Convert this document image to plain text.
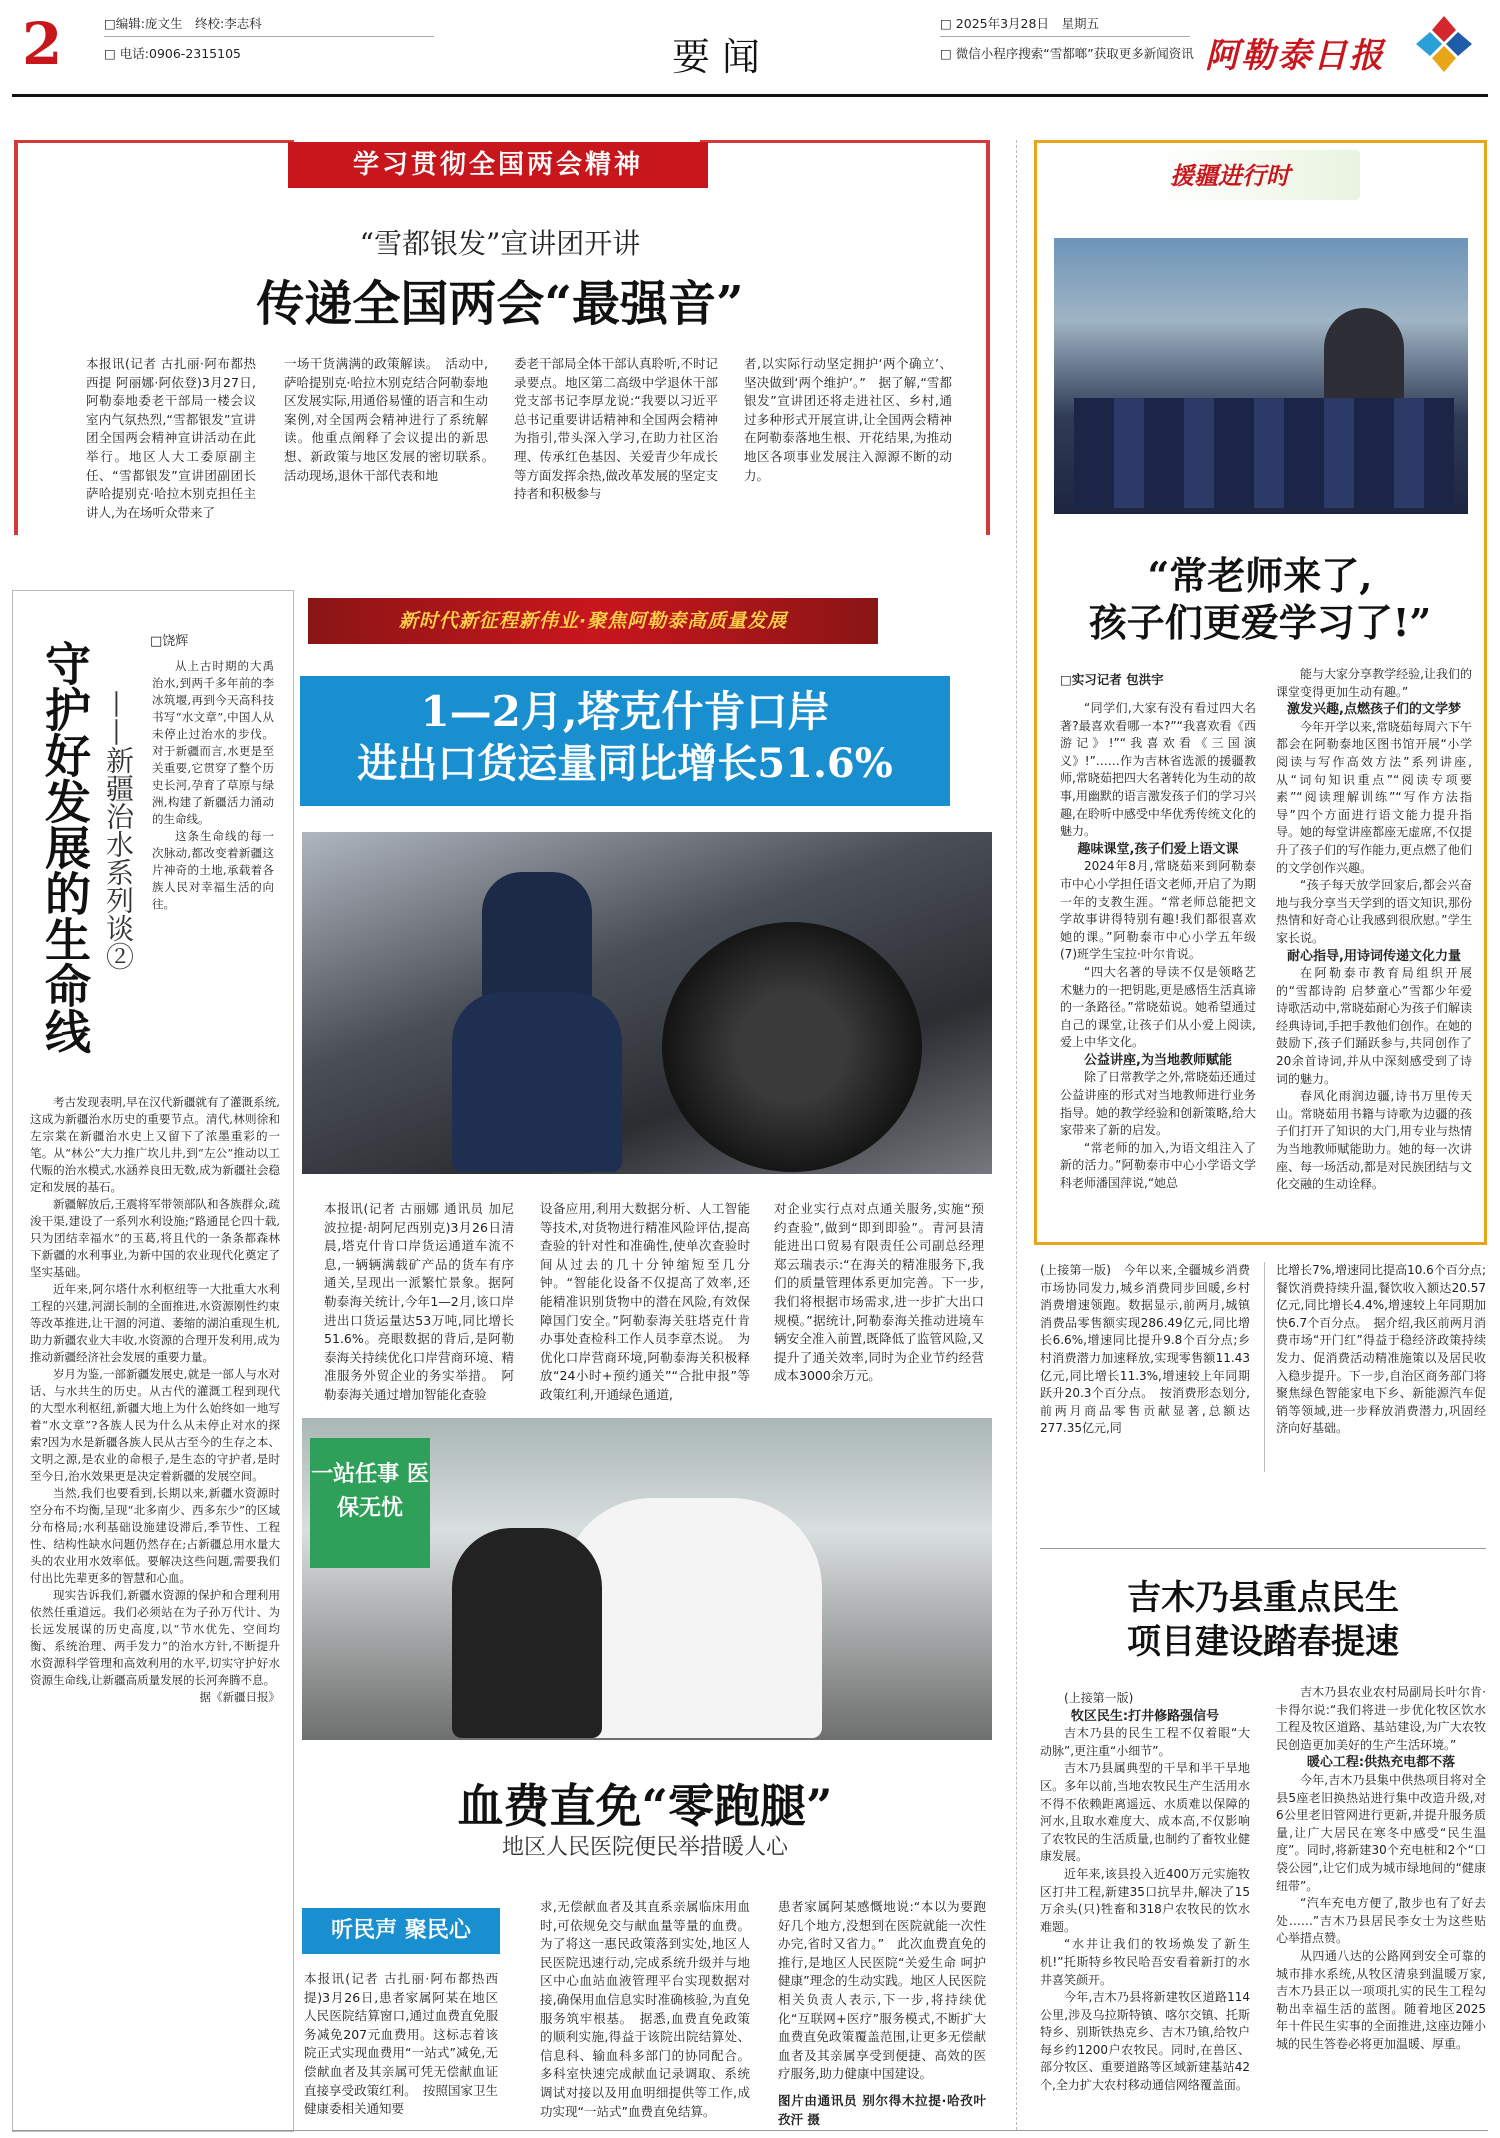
2	□编辑:庞文生　终校:李志科
□ 电话:0906-2315105	要闻
□ 2025年3月28日　星期五
□ 微信小程序搜索“雪都啷”获取更多新闻资讯 阿勒泰日报
学习贯彻全国两会精神
“雪都银发”宣讲团开讲
传递全国两会“最强音”
本报讯(记者 古扎丽·阿布都热西提 阿丽娜·阿依登)3月27日,阿勒泰地委老干部局一楼会议室内气氛热烈,“雪都银发”宣讲团全国两会精神宣讲活动在此举行。地区人大工委原副主任、“雪都银发”宣讲团副团长萨哈提别克·哈拉木别克担任主讲人,为在场听众带来了
一场干货满满的政策解读。　活动中,萨哈提别克·哈拉木别克结合阿勒泰地区发展实际,用通俗易懂的语言和生动案例,对全国两会精神进行了系统解读。他重点阐释了会议提出的新思想、新政策与地区发展的密切联系。　活动现场,退休干部代表和地
委老干部局全体干部认真聆听,不时记录要点。地区第二高级中学退休干部党支部书记李厚龙说:“我要以习近平总书记重要讲话精神和全国两会精神为指引,带头深入学习,在助力社区治理、传承红色基因、关爱青少年成长等方面发挥余热,做改革发展的坚定支持者和积极参与
者,以实际行动坚定拥护‘两个确立’、坚决做到‘两个维护’。”　据了解,“雪都银发”宣讲团还将走进社区、乡村,通过多种形式开展宣讲,让全国两会精神在阿勒泰落地生根、开花结果,为推动地区各项事业发展注入源源不断的动力。
□饶辉
守护好发展的生命线 ——新疆治水系列谈②

从上古时期的大禹治水,到两千多年前的李冰筑堰,再到今天高科技书写“水文章”,中国人从未停止过治水的步伐。对于新疆而言,水更是至关重要,它贯穿了整个历史长河,孕育了草原与绿洲,构建了新疆活力涌动的生命线。

这条生命线的每一次脉动,都改变着新疆这片神奇的土地,承载着各族人民对幸福生活的向往。

考古发现表明,早在汉代新疆就有了灌溉系统,这成为新疆治水历史的重要节点。清代,林则徐和左宗棠在新疆治水史上又留下了浓墨重彩的一笔。从“林公”大力推广坎儿井,到“左公”推动以工代赈的治水模式,水涵养良田无数,成为新疆社会稳定和发展的基石。

新疆解放后,王震将军带领部队和各族群众,疏浚干渠,建设了一系列水利设施;“路通昆仑四十载,只为团结幸福水”的玉葛,将且代的一条条都森林下新疆的水利事业,为新中国的农业现代化奠定了坚实基础。

近年来,阿尔塔什水利枢纽等一大批重大水利工程的兴建,河湖长制的全面推进,水资源刚性约束等改革推进,让干涸的河道、萎缩的湖泊重现生机,助力新疆农业大丰收,水资源的合理开发利用,成为推动新疆经济社会发展的重要力量。

岁月为鉴,一部新疆发展史,就是一部人与水对话、与水共生的历史。从古代的灌溉工程到现代的大型水利枢纽,新疆大地上为什么始终如一地写着“水文章”?各族人民为什么从未停止对水的探索?因为水是新疆各族人民从古至今的生存之本、文明之源,是农业的命根子,是生态的守护者,是时至今日,治水效果更是决定着新疆的发展空间。

当然,我们也要看到,长期以来,新疆水资源时空分布不均衡,呈现“北多南少、西多东少”的区域分布格局;水利基础设施建设滞后,季节性、工程性、结构性缺水问题仍然存在;占新疆总用水量大头的农业用水效率低。要解决这些问题,需要我们付出比先辈更多的智慧和心血。

现实告诉我们,新疆水资源的保护和合理利用依然任重道远。我们必须站在为子孙万代计、为长远发展谋的历史高度,以“节水优先、空间均衡、系统治理、两手发力”的治水方针,不断提升水资源科学管理和高效利用的水平,切实守护好水资源生命线,让新疆高质量发展的长河奔腾不息。

据《新疆日报》

新时代新征程新伟业·聚焦阿勒泰高质量发展
1—2月,塔克什肯口岸
进出口货运量同比增长51.6%
本报讯(记者 古丽娜 通讯员 加尼波拉提·胡阿尼西别克)3月26日清晨,塔克什肯口岸货运通道车流不息,一辆辆满载矿产品的货车有序通关,呈现出一派繁忙景象。据阿勒泰海关统计,今年1—2月,该口岸进出口货运量达53万吨,同比增长51.6%。亮眼数据的背后,是阿勒泰海关持续优化口岸营商环境、精准服务外贸企业的务实举措。　阿勒泰海关通过增加智能化查验
设备应用,利用大数据分析、人工智能等技术,对货物进行精准风险评估,提高查验的针对性和准确性,使单次查验时间从过去的几十分钟缩短至几分钟。“智能化设备不仅提高了效率,还能精准识别货物中的潜在风险,有效保障国门安全。”阿勒泰海关驻塔克什肯办事处查检科工作人员李章杰说。　为优化口岸营商环境,阿勒泰海关积极释放“24小时+预约通关”“合批申报”等政策红利,开通绿色通道,
对企业实行点对点通关服务,实施“预约查验”,做到“即到即验”。青河县清能进出口贸易有限责任公司副总经理郑云瑞表示:“在海关的精准服务下,我们的质量管理体系更加完善。下一步,我们将根据市场需求,进一步扩大出口规模。”据统计,阿勒泰海关推动进境车辆安全准入前置,既降低了监管风险,又提升了通关效率,同时为企业节约经营成本3000余万元。
一站任事 医保无忧
血费直免“零跑腿”
地区人民医院便民举措暖人心
听民声 聚民心
本报讯(记者 古扎丽·阿布都热西提)3月26日,患者家属阿某在地区人民医院结算窗口,通过血费直免服务减免207元血费用。这标志着该院正式实现血费用“一站式”减免,无偿献血者及其亲属可凭无偿献血证直接享受政策红利。　按照国家卫生健康委相关通知要
求,无偿献血者及其直系亲属临床用血时,可依规免交与献血量等量的血费。为了将这一惠民政策落到实处,地区人民医院迅速行动,完成系统升级并与地区中心血站血液管理平台实现数据对接,确保用血信息实时准确核验,为直免服务筑牢根基。　据悉,血费直免政策的顺利实施,得益于该院出院结算处、信息科、输血科多部门的协同配合。多科室快速完成献血记录调取、系统调试对接以及用血明细提供等工作,成功实现“一站式”血费直免结算。
患者家属阿某感慨地说:“本以为要跑好几个地方,没想到在医院就能一次性办完,省时又省力。”　此次血费直免的推行,是地区人民医院“关爱生命 呵护健康”理念的生动实践。地区人民医院相关负责人表示,下一步,将持续优化“互联网+医疗”服务模式,不断扩大血费直免政策覆盖范围,让更多无偿献血者及其亲属享受到便捷、高效的医疗服务,助力健康中国建设。
图片由通讯员 别尔得木拉提·哈孜叶孜汗 摄
援疆进行时
“常老师来了,
孩子们更爱学习了!”
□实习记者 包洪宇

“同学们,大家有没有看过四大名著?最喜欢看哪一本?”“我喜欢看《西游记》!”“我喜欢看《三国演义》!”……作为吉林省选派的援疆教师,常晓茹把四大名著转化为生动的故事,用幽默的语言激发孩子们的学习兴趣,在聆听中感受中华优秀传统文化的魅力。

趣味课堂,孩子们爱上语文课

2024年8月,常晓茹来到阿勒泰市中心小学担任语文老师,开启了为期一年的支教生涯。“常老师总能把文学故事讲得特别有趣!我们都很喜欢她的课。”阿勒泰市中心小学五年级(7)班学生宝拉·叶尔肯说。

“四大名著的导读不仅是领略艺术魅力的一把钥匙,更是感悟生活真谛的一条路径。”常晓茹说。她希望通过自己的课堂,让孩子们从小爱上阅读,爱上中华文化。

公益讲座,为当地教师赋能

除了日常教学之外,常晓茹还通过公益讲座的形式对当地教师进行业务指导。她的教学经验和创新策略,给大家带来了新的启发。

“常老师的加入,为语文组注入了新的活力。”阿勒泰市中心小学语文学科老师潘国萍说,“她总

能与大家分享教学经验,让我们的课堂变得更加生动有趣。”

激发兴趣,点燃孩子们的文学梦

今年开学以来,常晓茹每周六下午都会在阿勒泰地区图书馆开展“小学阅读与写作高效方法”系列讲座,从“词句知识重点”“阅读专项要素”“阅读理解训练”“写作方法指导”四个方面进行语文能力提升指导。她的每堂讲座都座无虚席,不仅提升了孩子们的写作能力,更点燃了他们的文学创作兴趣。

“孩子每天放学回家后,都会兴奋地与我分享当天学到的语文知识,那份热情和好奇心让我感到很欣慰。”学生家长说。

耐心指导,用诗词传递文化力量

在阿勒泰市教育局组织开展的“雪都诗韵 启梦童心”雪都少年爱诗歌活动中,常晓茹耐心为孩子们解读经典诗词,手把手教他们创作。在她的鼓励下,孩子们踊跃参与,共同创作了20余首诗词,并从中深刻感受到了诗词的魅力。

春风化雨润边疆,诗书万里传天山。常晓茹用书籍与诗歌为边疆的孩子们打开了知识的大门,用专业与热情为当地教师赋能助力。她的每一次讲座、每一场活动,都是对民族团结与文化交融的生动诠释。

(上接第一版)　今年以来,全疆城乡消费市场协同发力,城乡消费同步回暖,乡村消费增速领跑。数据显示,前两月,城镇消费品零售额实现286.49亿元,同比增长6.6%,增速同比提升9.8个百分点;乡村消费潜力加速释放,实现零售额11.43亿元,同比增长11.3%,增速较上年同期跃升20.3个百分点。　按消费形态划分,前两月商品零售贡献显著,总额达277.35亿元,同
比增长7%,增速同比提高10.6个百分点;餐饮消费持续升温,餐饮收入额达20.57亿元,同比增长4.4%,增速较上年同期加快6.7个百分点。　据介绍,我区前两月消费市场“开门红”得益于稳经济政策持续发力、促消费活动精准施策以及居民收入稳步提升。下一步,自治区商务部门将聚焦绿色智能家电下乡、新能源汽车促销等领域,进一步释放消费潜力,巩固经济向好基础。
吉木乃县重点民生
项目建设踏春提速

(上接第一版)

牧区民生:打井修路强信号

吉木乃县的民生工程不仅着眼“大动脉”,更注重“小细节”。

吉木乃县属典型的干旱和半干旱地区。多年以前,当地农牧民生产生活用水不得不依赖距离遥远、水质难以保障的河水,且取水难度大、成本高,不仅影响了农牧民的生活质量,也制约了畜牧业健康发展。

近年来,该县投入近400万元实施牧区打井工程,新建35口抗旱井,解决了15万余头(只)牲畜和318户农牧民的饮水难题。

“水井让我们的牧场焕发了新生机!”托斯特乡牧民哈吾安看着新打的水井喜笑颜开。

今年,吉木乃县将新建牧区道路114公里,涉及乌拉斯特镇、喀尔交镇、托斯特乡、别斯铁热克乡、吉木乃镇,给牧户每乡约1200户农牧民。同时,在兽区、部分牧区、重要道路等区域新建基站42个,全力扩大农村移动通信网络覆盖面。

吉木乃县农业农村局副局长叶尔肯·卡得尔说:“我们将进一步优化牧区饮水工程及牧区道路、基站建设,为广大农牧民创造更加美好的生产生活环境。”

暖心工程:供热充电都不落

今年,吉木乃县集中供热项目将对全县5座老旧换热站进行集中改造升级,对6公里老旧管网进行更新,并提升服务质量,让广大居民在寒冬中感受“民生温度”。同时,将新建30个充电桩和2个“口袋公园”,让它们成为城市绿地间的“健康纽带”。

“汽车充电方便了,散步也有了好去处……”吉木乃县居民李女士为这些贴心举措点赞。

从四通八达的公路网到安全可靠的城市排水系统,从牧区清泉到温暖万家,吉木乃县正以一项项扎实的民生工程勾勒出幸福生活的蓝图。随着地区2025年十件民生实事的全面推进,这座边陲小城的民生答卷必将更加温暖、厚重。
